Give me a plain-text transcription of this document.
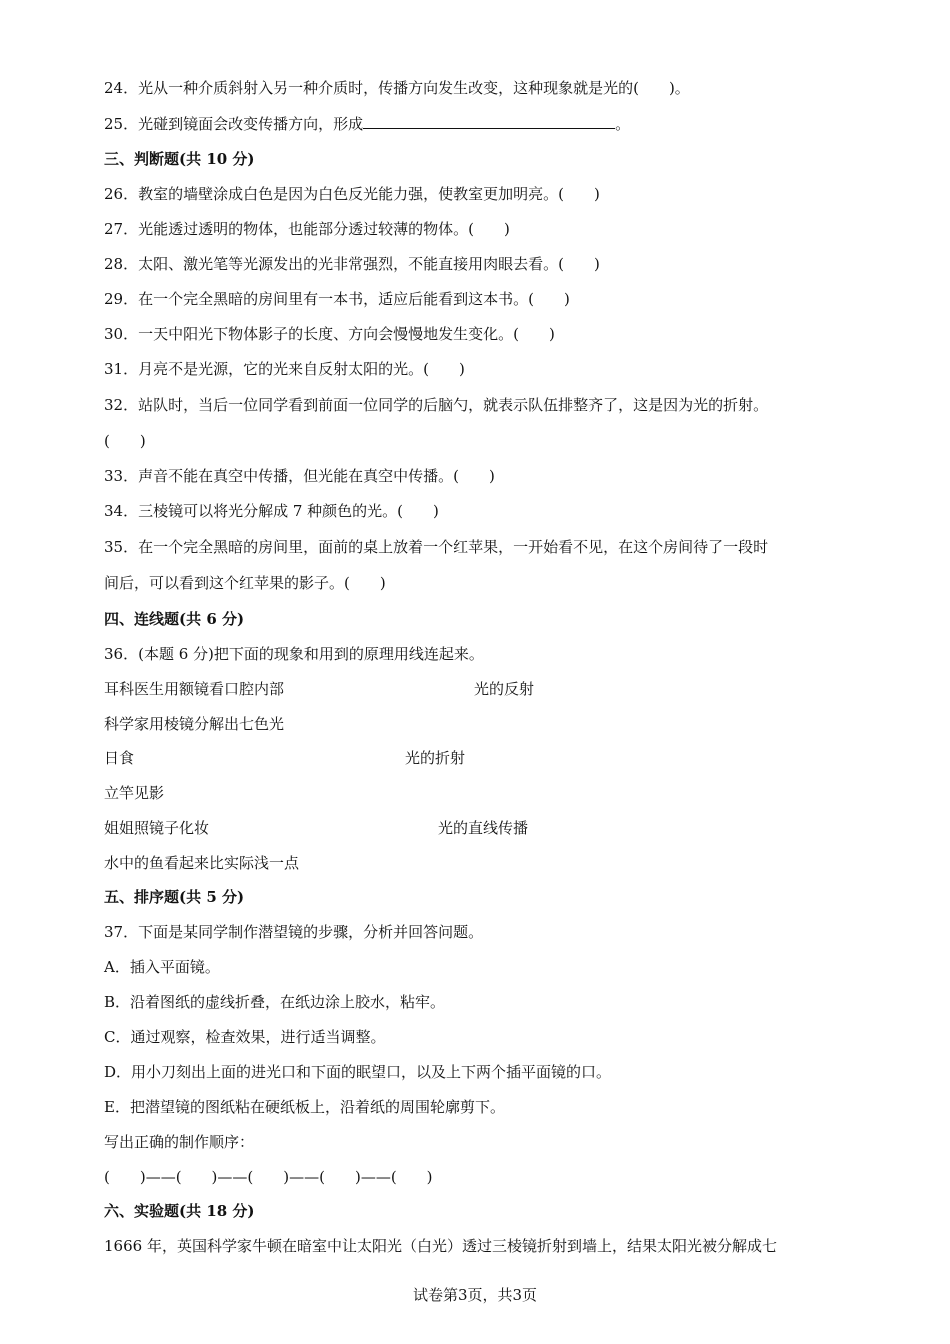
24．光从一种介质斜射入另一种介质时，传播方向发生改变，这种现象就是光的(　　)。
25．光碰到镜面会改变传播方向，形成	。
三、判断题(共 10 分)
26．教室的墙壁涂成白色是因为白色反光能力强，使教室更加明亮。(　　)
27．光能透过透明的物体，也能部分透过较薄的物体。(　　)
28．太阳、激光笔等光源发出的光非常强烈，不能直接用肉眼去看。(　　)
29．在一个完全黑暗的房间里有一本书，适应后能看到这本书。(　　)
30．一天中阳光下物体影子的长度、方向会慢慢地发生变化。(　　)
31．月亮不是光源，它的光来自反射太阳的光。(　　)
32．站队时，当后一位同学看到前面一位同学的后脑勺，就表示队伍排整齐了，这是因为光的折射。
(　　)
33．声音不能在真空中传播，但光能在真空中传播。(　　)
34．三棱镜可以将光分解成 7 种颜色的光。(　　)
35．在一个完全黑暗的房间里，面前的桌上放着一个红苹果，一开始看不见，在这个房间待了一段时
间后，可以看到这个红苹果的影子。(　　)
四、连线题(共 6 分)
36．(本题 6 分)把下面的现象和用到的原理用线连起来。
耳科医生用额镜看口腔内部	光的反射
科学家用棱镜分解出七色光
日食	光的折射
立竿见影
姐姐照镜子化妆	光的直线传播
水中的鱼看起来比实际浅一点
五、排序题(共 5 分)
37．下面是某同学制作潜望镜的步骤，分析并回答问题。
A．插入平面镜。
B．沿着图纸的虚线折叠，在纸边涂上胶水，粘牢。
C．通过观察，检查效果，进行适当调整。
D．用小刀刻出上面的进光口和下面的眠望口，以及上下两个插平面镜的口。
E．把潜望镜的图纸粘在硬纸板上，沿着纸的周围轮廓剪下。
写出正确的制作顺序：
(　　)——(　　)——(　　)——(　　)——(　　)
六、实验题(共 18 分)
1666 年，英国科学家牛顿在暗室中让太阳光（白光）透过三棱镜折射到墙上，结果太阳光被分解成七
试卷第3页，共3页
